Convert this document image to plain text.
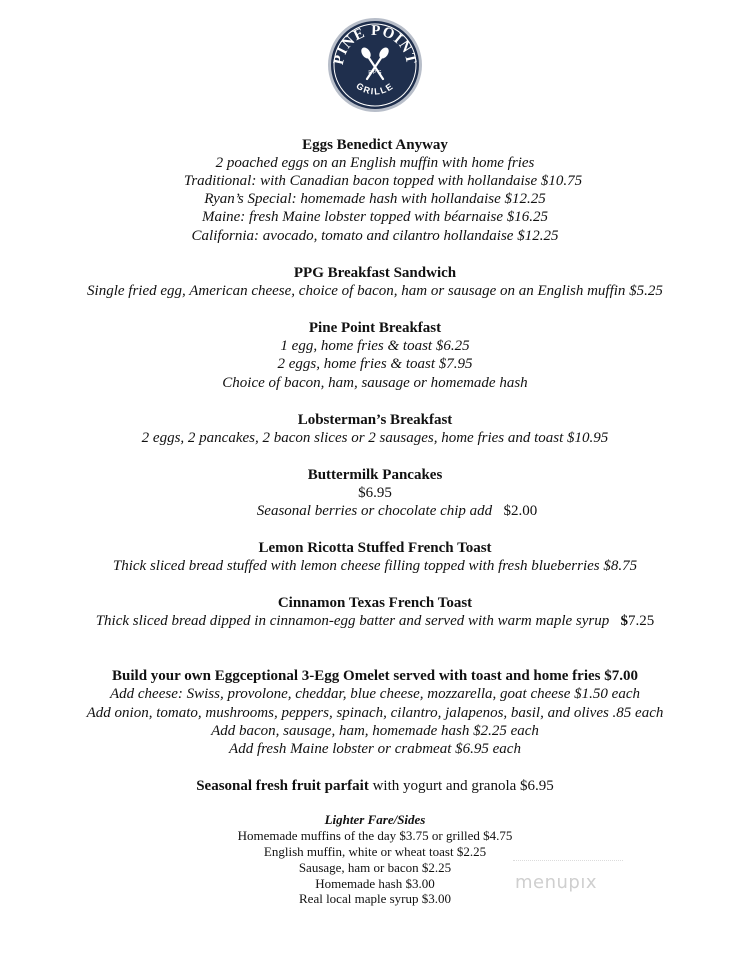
PINE POINT
GRILLE
P P G
Eggs Benedict Anyway
2 poached eggs on an English muffin with home fries
Traditional: with Canadian bacon topped with hollandaise $10.75
Ryan’s Special: homemade hash with hollandaise $12.25
Maine: fresh Maine lobster topped with béarnaise $16.25
California: avocado, tomato and cilantro hollandaise $12.25
PPG Breakfast Sandwich
Single fried egg, American cheese, choice of bacon, ham or sausage on an English muffin $5.25
Pine Point Breakfast
1 egg, home fries & toast $6.25
2 eggs, home fries & toast $7.95
Choice of bacon, ham, sausage or homemade hash
Lobsterman’s Breakfast
2 eggs, 2 pancakes, 2 bacon slices or 2 sausages, home fries and toast $10.95
Buttermilk Pancakes
$6.95
Seasonal berries or chocolate chip add $2.00
Lemon Ricotta Stuffed French Toast
Thick sliced bread stuffed with lemon cheese filling topped with fresh blueberries $8.75
Cinnamon Texas French Toast
Thick sliced bread dipped in cinnamon-egg batter and served with warm maple syrup $7.25
Build your own Eggceptional 3-Egg Omelet served with toast and home fries $7.00
Add cheese: Swiss, provolone, cheddar, blue cheese, mozzarella, goat cheese $1.50 each
Add onion, tomato, mushrooms, peppers, spinach, cilantro, jalapenos, basil, and olives .85 each
Add bacon, sausage, ham, homemade hash $2.25 each
Add fresh Maine lobster or crabmeat $6.95 each
Seasonal fresh fruit parfait with yogurt and granola $6.95
Lighter Fare/Sides
Homemade muffins of the day $3.75 or grilled $4.75
English muffin, white or wheat toast $2.25
Sausage, ham or bacon $2.25
Homemade hash $3.00
Real local maple syrup $3.00
menupıx
